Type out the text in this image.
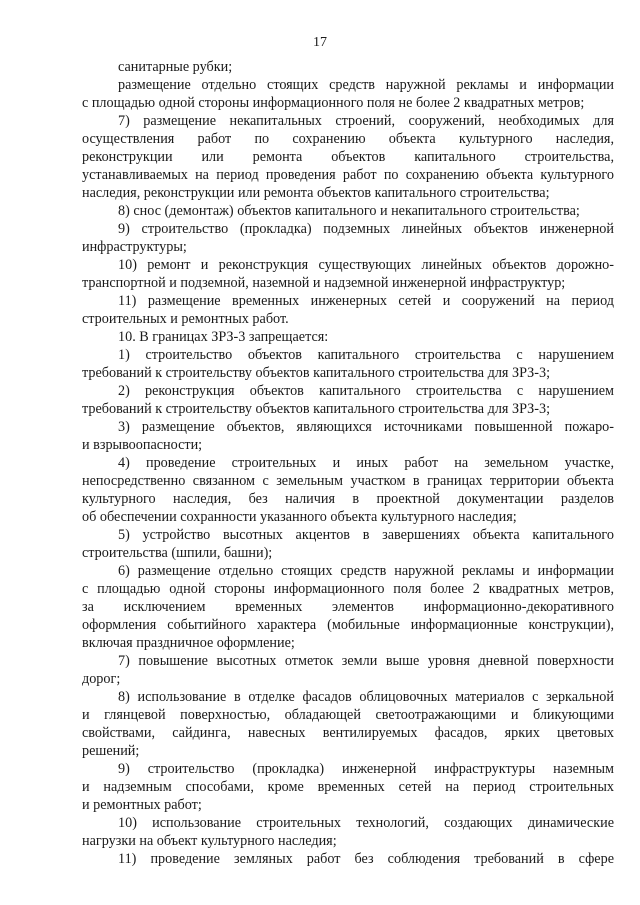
17
санитарные рубки;
размещение отдельно стоящих средств наружной рекламы и информации
с площадью одной стороны информационного поля не более 2 квадратных метров;
7) размещение некапитальных строений, сооружений, необходимых для
осуществления работ по сохранению объекта культурного наследия,
реконструкции или ремонта объектов капитального строительства,
устанавливаемых на период проведения работ по сохранению объекта культурного
наследия, реконструкции или ремонта объектов капитального строительства;
8) снос (демонтаж) объектов капитального и некапитального строительства;
9) строительство (прокладка) подземных линейных объектов инженерной
инфраструктуры;
10) ремонт и реконструкция существующих линейных объектов дорожно-
транспортной и подземной, наземной и надземной инженерной инфраструктур;
11) размещение временных инженерных сетей и сооружений на период
строительных и ремонтных работ.
10. В границах ЗРЗ-3 запрещается:
1) строительство объектов капитального строительства с нарушением
требований к строительству объектов капитального строительства для ЗРЗ-3;
2) реконструкция объектов капитального строительства с нарушением
требований к строительству объектов капитального строительства для ЗРЗ-3;
3) размещение объектов, являющихся источниками повышенной пожаро-
и взрывоопасности;
4) проведение строительных и иных работ на земельном участке,
непосредственно связанном с земельным участком в границах территории объекта
культурного наследия, без наличия в проектной документации разделов
об обеспечении сохранности указанного объекта культурного наследия;
5) устройство высотных акцентов в завершениях объекта капитального
строительства (шпили, башни);
6) размещение отдельно стоящих средств наружной рекламы и информации
с площадью одной стороны информационного поля более 2 квадратных метров,
за исключением временных элементов информационно-декоративного
оформления событийного характера (мобильные информационные конструкции),
включая праздничное оформление;
7) повышение высотных отметок земли выше уровня дневной поверхности
дорог;
8) использование в отделке фасадов облицовочных материалов с зеркальной
и глянцевой поверхностью, обладающей светоотражающими и бликующими
свойствами, сайдинга, навесных вентилируемых фасадов, ярких цветовых
решений;
9) строительство (прокладка) инженерной инфраструктуры наземным
и надземным способами, кроме временных сетей на период строительных
и ремонтных работ;
10) использование строительных технологий, создающих динамические
нагрузки на объект культурного наследия;
11) проведение земляных работ без соблюдения требований в сфере
